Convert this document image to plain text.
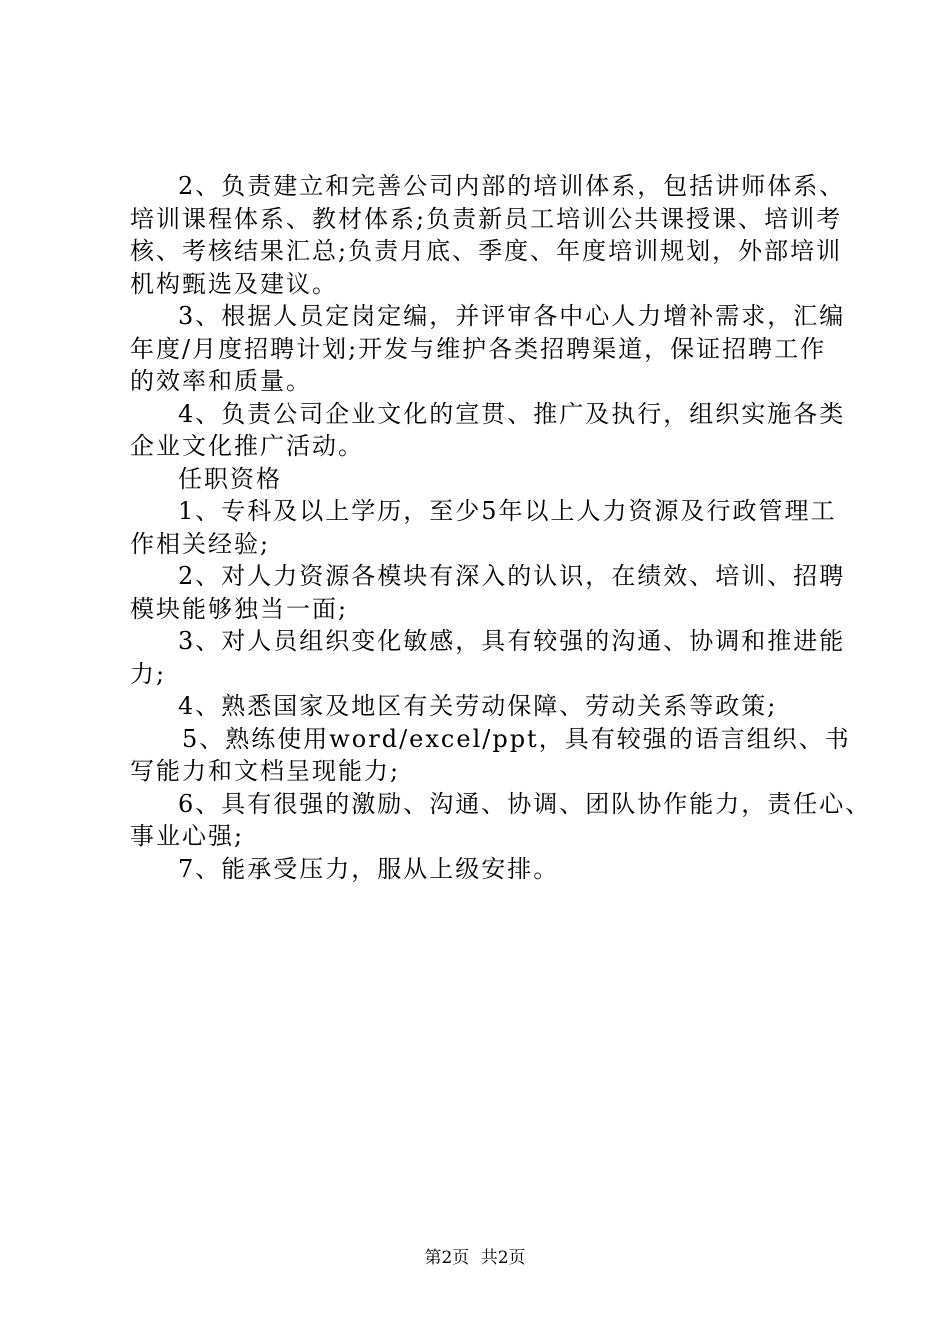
2、负责建立和完善公司内部的培训体系，包括讲师体系、
培训课程体系、教材体系;负责新员工培训公共课授课、培训考
核、考核结果汇总;负责月底、季度、年度培训规划，外部培训
机构甄选及建议。
3、根据人员定岗定编，并评审各中心人力增补需求，汇编
年度/月度招聘计划;开发与维护各类招聘渠道，保证招聘工作
的效率和质量。
4、负责公司企业文化的宣贯、推广及执行，组织实施各类
企业文化推广活动。
任职资格
1、专科及以上学历，至少5年以上人力资源及行政管理工
作相关经验;
2、对人力资源各模块有深入的认识，在绩效、培训、招聘
模块能够独当一面;
3、对人员组织变化敏感，具有较强的沟通、协调和推进能
力;
4、熟悉国家及地区有关劳动保障、劳动关系等政策;
5、熟练使用word/excel/ppt，具有较强的语言组织、书
写能力和文档呈现能力;
6、具有很强的激励、沟通、协调、团队协作能力，责任心、
事业心强;
7、能承受压力，服从上级安排。
第2页 共2页
